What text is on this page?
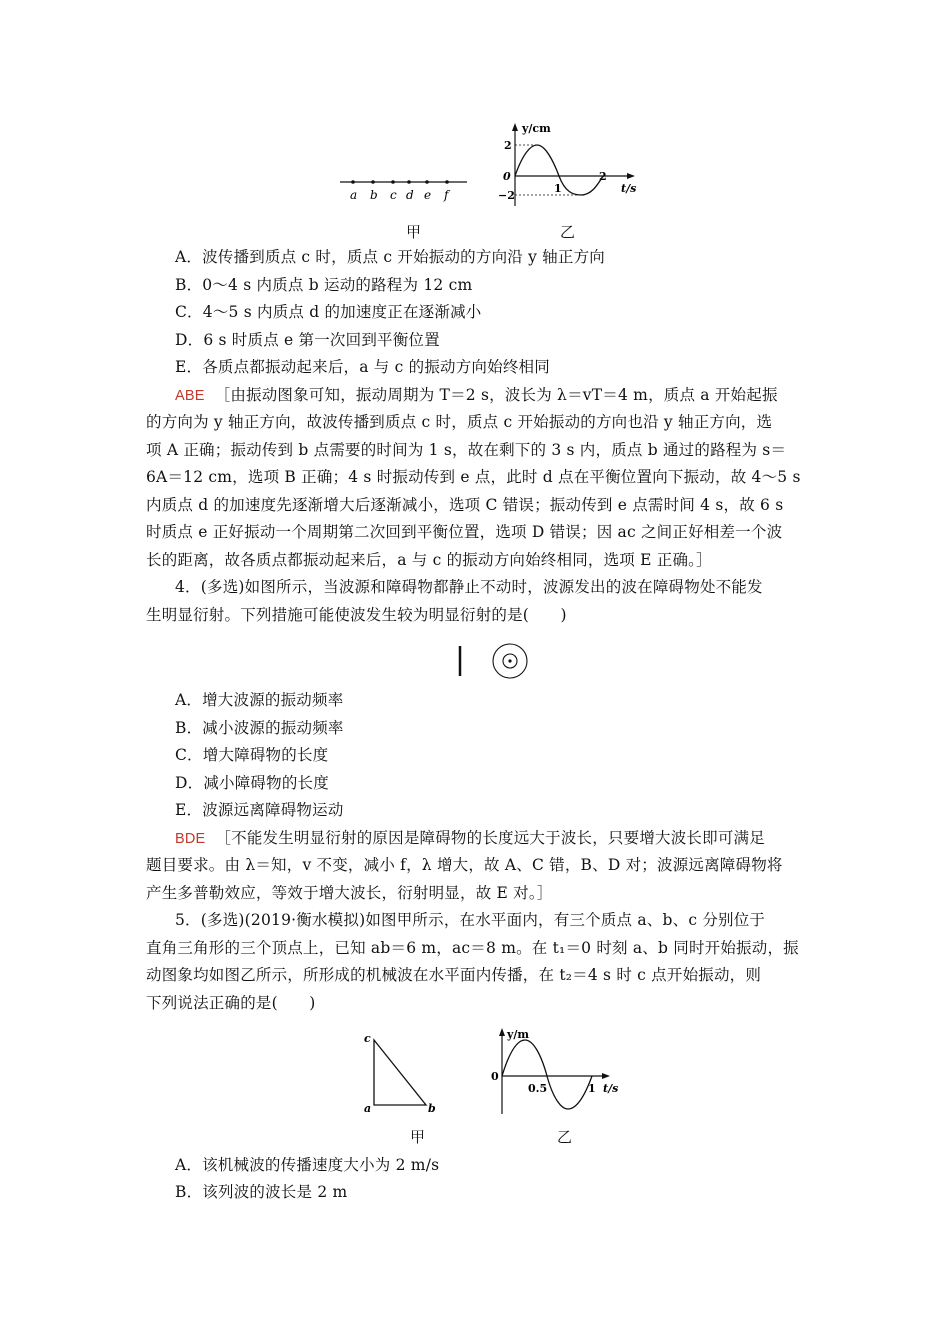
a b c d e f
y/cm
t/s
2
0
−2
1
2
甲	乙
A．波传播到质点 c 时，质点 c 开始振动的方向沿 y 轴正方向
B．0～4 s 内质点 b 运动的路程为 12 cm
C．4～5 s 内质点 d 的加速度正在逐渐减小
D．6 s 时质点 e 第一次回到平衡位置
E．各质点都振动起来后，a 与 c 的振动方向始终相同
ABE ［由振动图象可知，振动周期为 T＝2 s，波长为 λ＝vT＝4 m，质点 a 开始起振
的方向为 y 轴正方向，故波传播到质点 c 时，质点 c 开始振动的方向也沿 y 轴正方向，选
项 A 正确；振动传到 b 点需要的时间为 1 s，故在剩下的 3 s 内，质点 b 通过的路程为 s＝
6A＝12 cm，选项 B 正确；4 s 时振动传到 e 点，此时 d 点在平衡位置向下振动，故 4～5 s
内质点 d 的加速度先逐渐增大后逐渐减小，选项 C 错误；振动传到 e 点需时间 4 s，故 6 s
时质点 e 正好振动一个周期第二次回到平衡位置，选项 D 错误；因 ac 之间正好相差一个波
长的距离，故各质点都振动起来后，a 与 c 的振动方向始终相同，选项 E 正确。］
4．(多选)如图所示，当波源和障碍物都静止不动时，波源发出的波在障碍物处不能发
生明显衍射。下列措施可能使波发生较为明显衍射的是(　　)
A．增大波源的振动频率
B．减小波源的振动频率
C．增大障碍物的长度
D．减小障碍物的长度
E．波源远离障碍物运动
BDE ［不能发生明显衍射的原因是障碍物的长度远大于波长，只要增大波长即可满足
题目要求。由 λ＝知，v 不变，减小 f，λ 增大，故 A、C 错，B、D 对；波源远离障碍物将
产生多普勒效应，等效于增大波长，衍射明显，故 E 对。］
5．(多选)(2019·衡水模拟)如图甲所示，在水平面内，有三个质点 a、b、c 分别位于
直角三角形的三个顶点上，已知 ab＝6 m，ac＝8 m。在 t₁＝0 时刻 a、b 同时开始振动，振
动图象均如图乙所示，所形成的机械波在水平面内传播，在 t₂＝4 s 时 c 点开始振动，则
下列说法正确的是(　　)
c
a	b
y/m
t/s
0
0.5	1
甲	乙
A．该机械波的传播速度大小为 2 m/s
B．该列波的波长是 2 m
